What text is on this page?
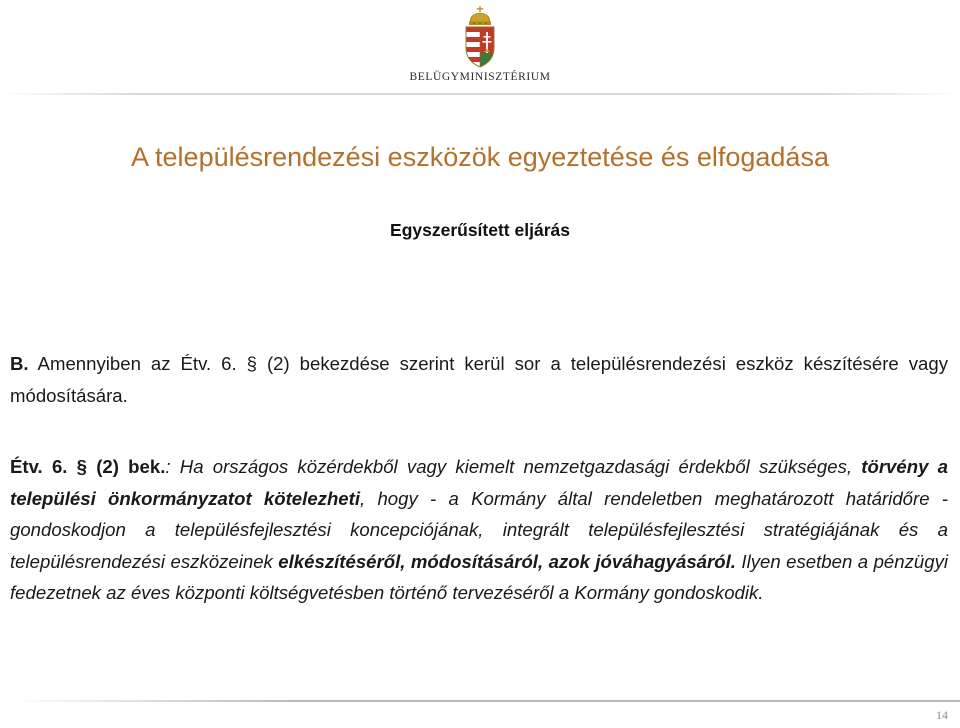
BELÜGYMINISZTÉRIUM
A településrendezési eszközök egyeztetése és elfogadása
Egyszerűsített eljárás

B. Amennyiben az Étv. 6. § (2) bekezdése szerint kerül sor a településrendezési eszköz készítésére vagy módosítására.

Étv. 6. § (2) bek.: Ha országos közérdekből vagy kiemelt nemzetgazdasági érdekből szükséges, törvény a települési önkormányzatot kötelezheti, hogy - a Kormány által rendeletben meghatározott határidőre - gondoskodjon a településfejlesztési koncepciójának, integrált településfejlesztési stratégiájának és a településrendezési eszközeinek elkészítéséről, módosításáról, azok jóváhagyásáról. Ilyen esetben a pénzügyi fedezetnek az éves központi költségvetésben történő tervezéséről a Kormány gondoskodik.

14
